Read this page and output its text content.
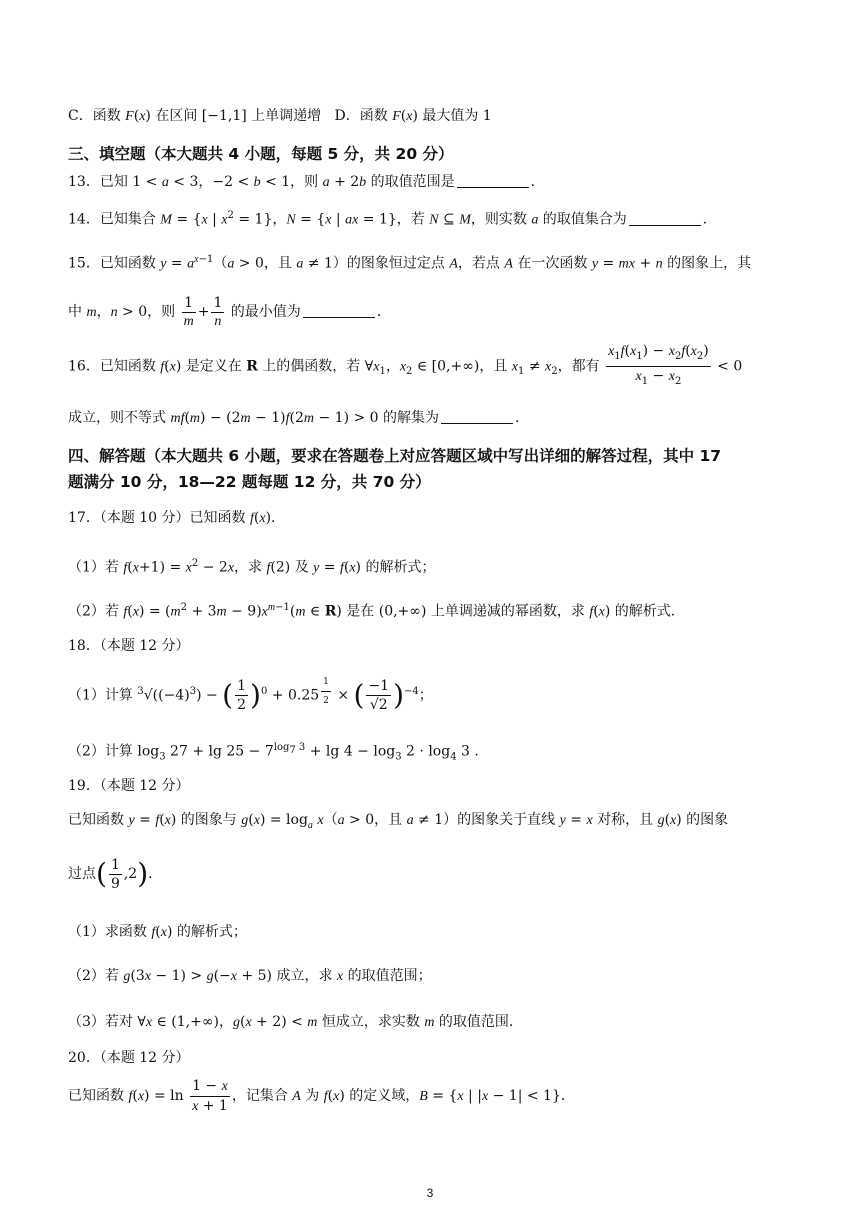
C．函数 F(x) 在区间 [−1,1] 上单调递增   D．函数 F(x) 最大值为 1
三、填空题（本大题共 4 小题，每题 5 分，共 20 分）
13．已知 1 < a < 3，−2 < b < 1，则 a + 2b 的取值范围是	．
14．已知集合 M = {x | $x^2 = 1$}，N = {x | ax = 1}，若 N ⊆ M，则实数 a 的取值集合为	．
15．已知函数 $y = a^{x-1}(a > 0$，且 a ≠ 1）的图象恒过定点 A，若点 A 在一次函数 y = mx + n 的图象上，其
中 m，n > 0，则 $\frac{1}{m} + \frac{1}{n}$ 的最小值为	．
16．已知函数 f(x) 是定义在 R 上的偶函数，若 $\forall x_1$，$x_2$ ∈ [0,+∞)，且 $x_1 \ne x_2$，都有 $\frac{x_1f(x_1) - x_2f(x_2)}{x_1 - x_2} < 0$
成立，则不等式 mf(m) − (2m − 1)f(2m − 1) > 0 的解集为	．
四、解答题（本大题共 6 小题，要求在答题卷上对应答题区域中写出详细的解答过程，其中 17
题满分 10 分，18—22 题每题 12 分，共 70 分）
17．（本题 10 分）已知函数 f(x)．
（1）若 $f(x+1) = x^2 - 2x$，求 f(2) 及 y = f(x) 的解析式；
（2）若 $f(x) = (m^2 + 3m - 9)x^{m-1}(m$ ∈ R) 是在 (0,+∞) 上单调递减的幂函数，求 f(x) 的解析式．
18．（本题 12 分）
（1）计算 $^3√((-4)^3)$ − ( $\frac{1}{2} )^0 + 0.25$ $^{\frac{1}{2}}$ × ( $\frac{-1}{√2} )^{-4}$；
（2）计算 $\log_3 27 + \lg 25 - 7^{log_7 3} + \lg 4 - \log_3 2 \cdot \log_4 3$ ．
19．（本题 12 分）
已知函数 y = f(x) 的图象与 $g(x) = \log_a x(a > 0$，且 a ≠ 1）的图象关于直线 y = x 对称，且 g(x) 的图象
过点( $\frac{1}{9} ,2$)．
（1）求函数 f(x) 的解析式；
（2）若 g(3x − 1) > g(−x + 5) 成立，求 x 的取值范围；
（3）若对 ∀x ∈ (1,+∞)，g(x + 2) < m 恒成立，求实数 m 的取值范围．
20．（本题 12 分）
已知函数 $f(x) = \ln \frac{1 - x}{x + 1}$ ，记集合 A 为 f(x) 的定义域，B = {x | |x − 1| < 1}．
3
